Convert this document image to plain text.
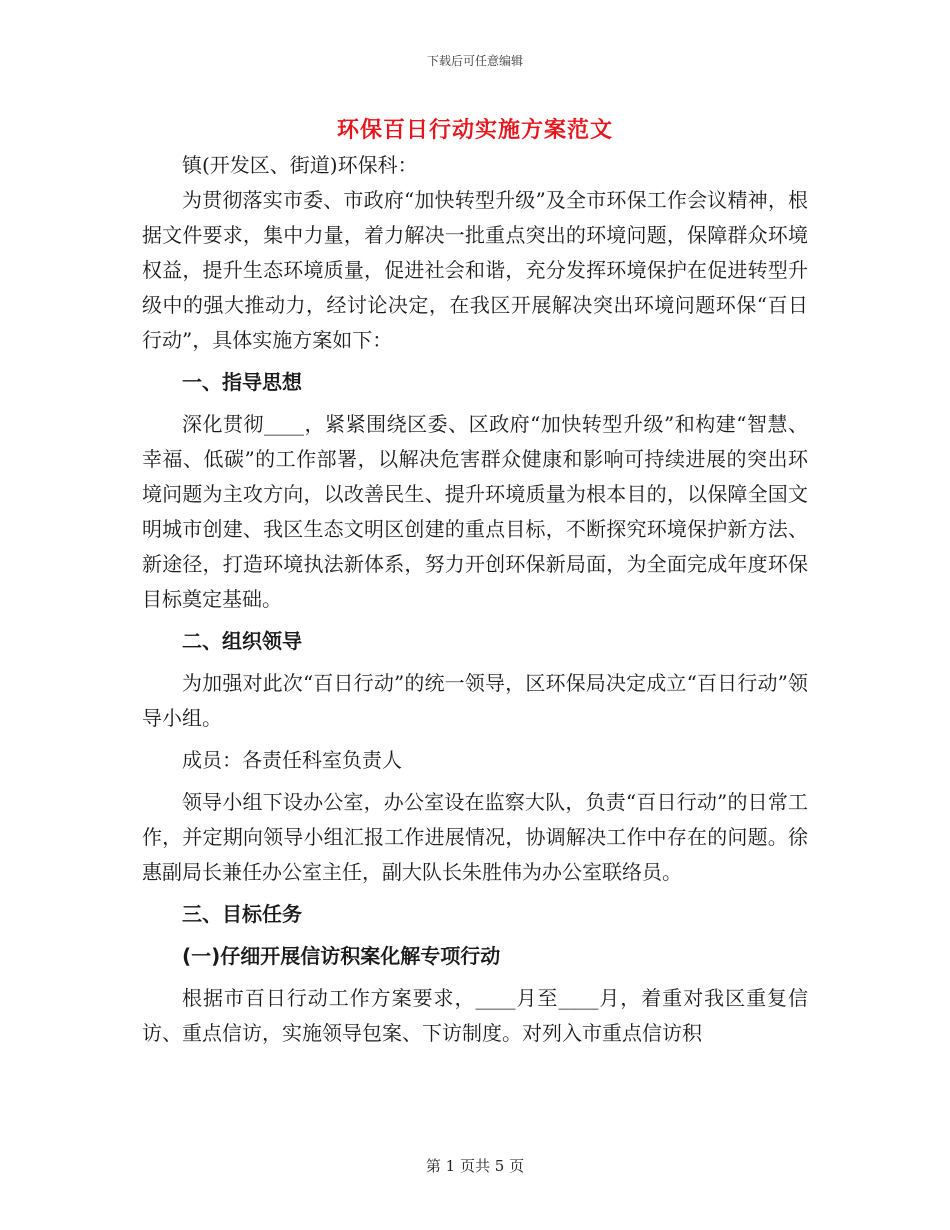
下载后可任意编辑
环保百日行动实施方案范文

镇(开发区、街道)环保科：

为贯彻落实市委、市政府“加快转型升级”及全市环保工作会议精神，根据文件要求，集中力量，着力解决一批重点突出的环境问题，保障群众环境权益，提升生态环境质量，促进社会和谐，充分发挥环境保护在促进转型升级中的强大推动力，经讨论决定，在我区开展解决突出环境问题环保“百日行动”，具体实施方案如下：

一、指导思想

深化贯彻____，紧紧围绕区委、区政府“加快转型升级”和构建“智慧、幸福、低碳”的工作部署，以解决危害群众健康和影响可持续进展的突出环境问题为主攻方向，以改善民生、提升环境质量为根本目的，以保障全国文明城市创建、我区生态文明区创建的重点目标，不断探究环境保护新方法、新途径，打造环境执法新体系，努力开创环保新局面，为全面完成年度环保目标奠定基础。

二、组织领导

为加强对此次“百日行动”的统一领导，区环保局决定成立“百日行动”领导小组。

成员：各责任科室负责人

领导小组下设办公室，办公室设在监察大队，负责“百日行动”的日常工作，并定期向领导小组汇报工作进展情况，协调解决工作中存在的问题。徐惠副局长兼任办公室主任，副大队长朱胜伟为办公室联络员。

三、目标任务

(一)仔细开展信访积案化解专项行动

根据市百日行动工作方案要求，____月至____月，着重对我区重复信访、重点信访，实施领导包案、下访制度。对列入市重点信访积

第 1 页共 5 页
